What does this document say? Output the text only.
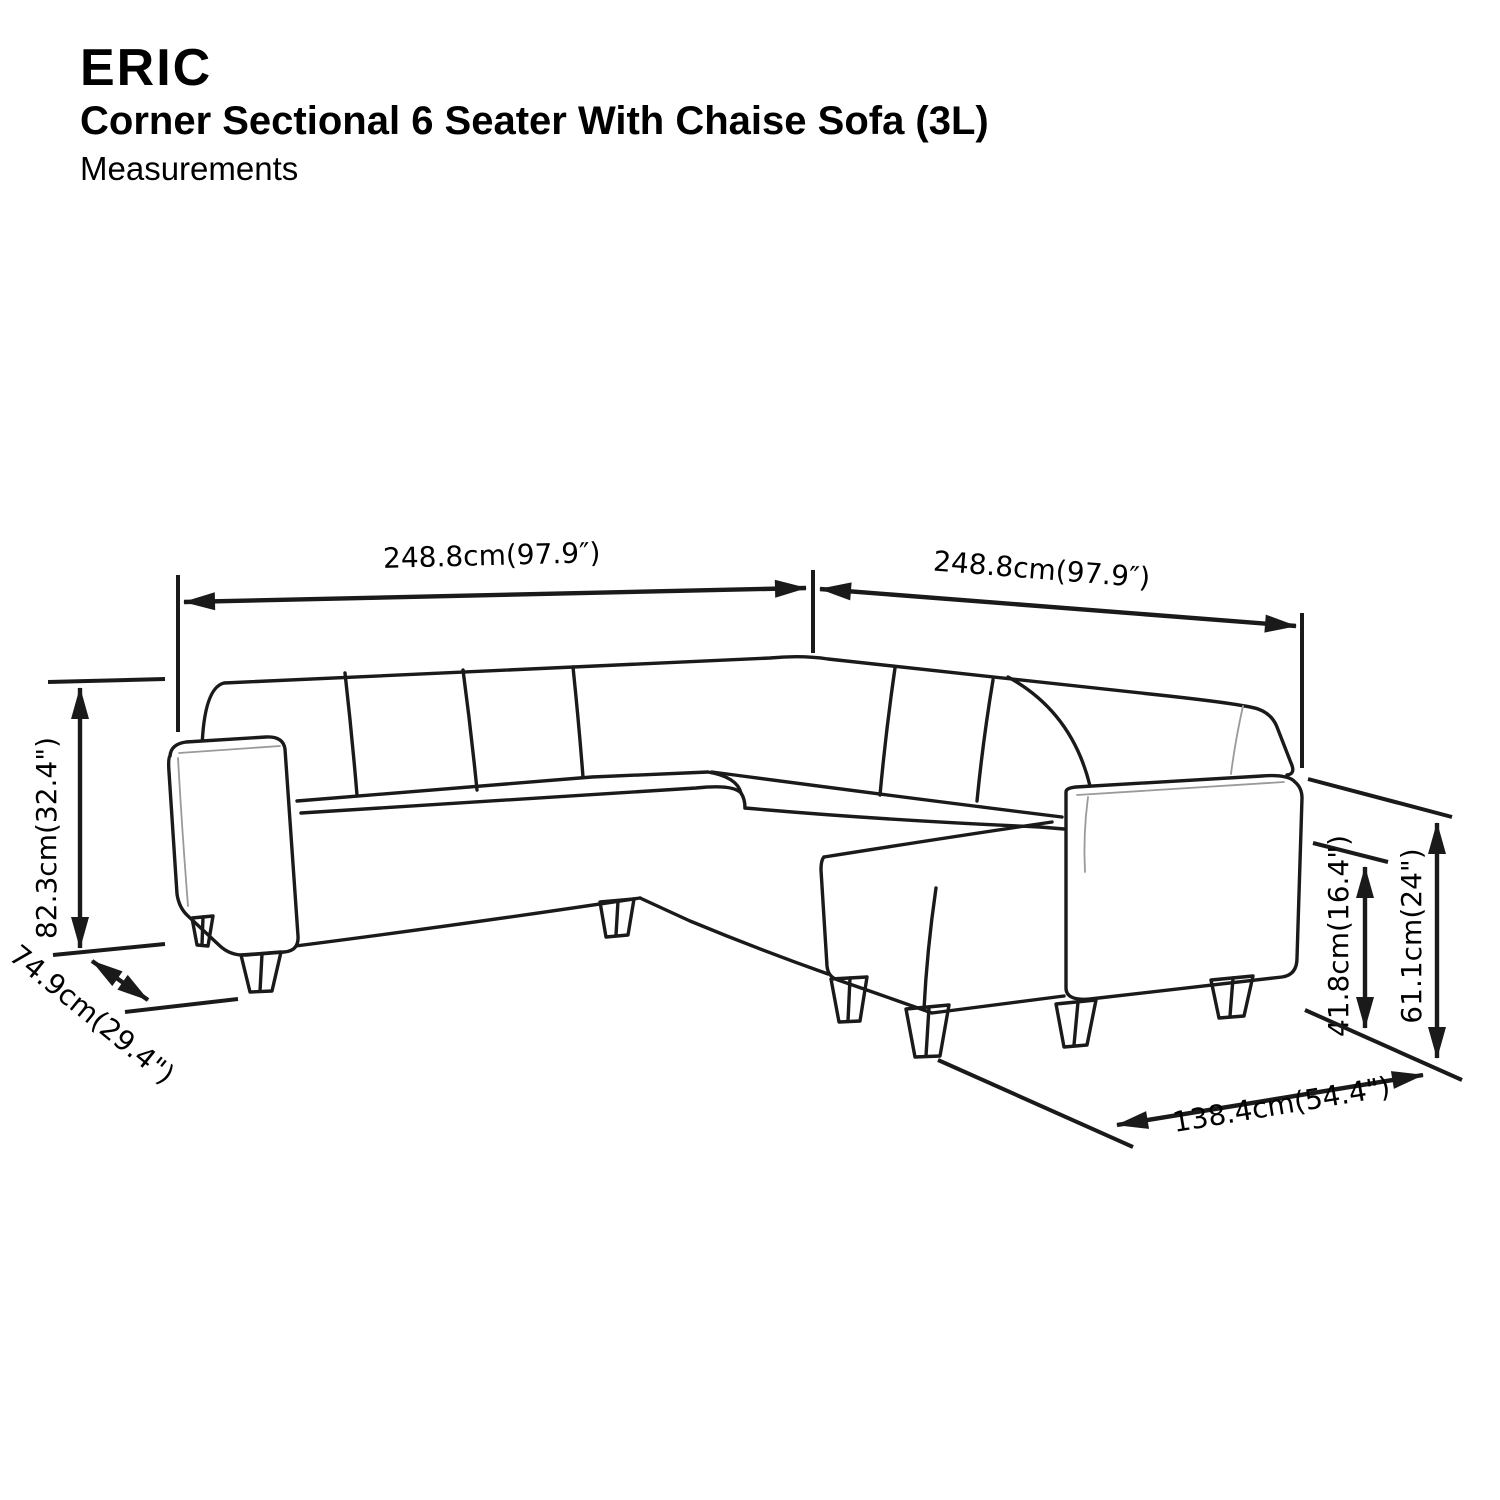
ERIC
Corner Sectional 6 Seater With Chaise Sofa (3L)
Measurements
248.8cm(97.9″)	248.8cm(97.9″)
82.3cm(32.4")
74.9cm(29.4")	41.8cm(16.4") 61.1cm(24")
138.4cm(54.4")
